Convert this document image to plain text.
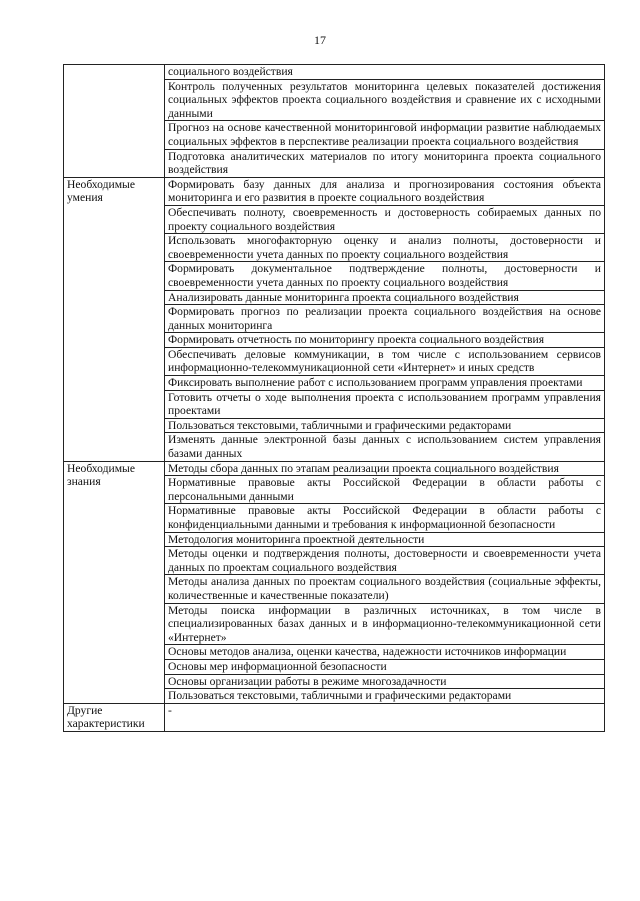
17
	социального воздействия
	Контроль полученных результатов мониторинга целевых показателей достижения социальных эффектов проекта социального воздействия и сравнение их с исходными данными
	Прогноз на основе качественной мониторинговой информации развитие наблюдаемых социальных эффектов в перспективе реализации проекта социального воздействия
	Подготовка аналитических материалов по итогу мониторинга проекта социального воздействия
Необходимые умения	Формировать базу данных для анализа и прогнозирования состояния объекта мониторинга и его развития в проекте социального воздействия
	Обеспечивать полноту, своевременность и достоверность собираемых данных по проекту социального воздействия
	Использовать многофакторную оценку и анализ полноты, достоверности и своевременности учета данных по проекту социального воздействия
	Формировать документальное подтверждение полноты, достоверности и своевременности учета данных по проекту социального воздействия
	Анализировать данные мониторинга проекта социального воздействия
	Формировать прогноз по реализации проекта социального воздействия на основе данных мониторинга
	Формировать отчетность по мониторингу проекта социального воздействия
	Обеспечивать деловые коммуникации, в том числе с использованием сервисов информационно-телекоммуникационной сети «Интернет» и иных средств
	Фиксировать выполнение работ с использованием программ управления проектами
	Готовить отчеты о ходе выполнения проекта с использованием программ управления проектами
	Пользоваться текстовыми, табличными и графическими редакторами
	Изменять данные электронной базы данных с использованием систем управления базами данных
Необходимые знания	Методы сбора данных по этапам реализации проекта социального воздействия
	Нормативные правовые акты Российской Федерации в области работы с персональными данными
	Нормативные правовые акты Российской Федерации в области работы с конфиденциальными данными и требования к информационной безопасности
	Методология мониторинга проектной деятельности
	Методы оценки и подтверждения полноты, достоверности и своевременности учета данных по проектам социального воздействия
	Методы анализа данных по проектам социального воздействия (социальные эффекты, количественные и качественные показатели)
	Методы поиска информации в различных источниках, в том числе в специализированных базах данных и в информационно-телекоммуникационной сети «Интернет»
	Основы методов анализа, оценки качества, надежности источников информации
	Основы мер информационной безопасности
	Основы организации работы в режиме многозадачности
	Пользоваться текстовыми, табличными и графическими редакторами
Другие характеристики	-
